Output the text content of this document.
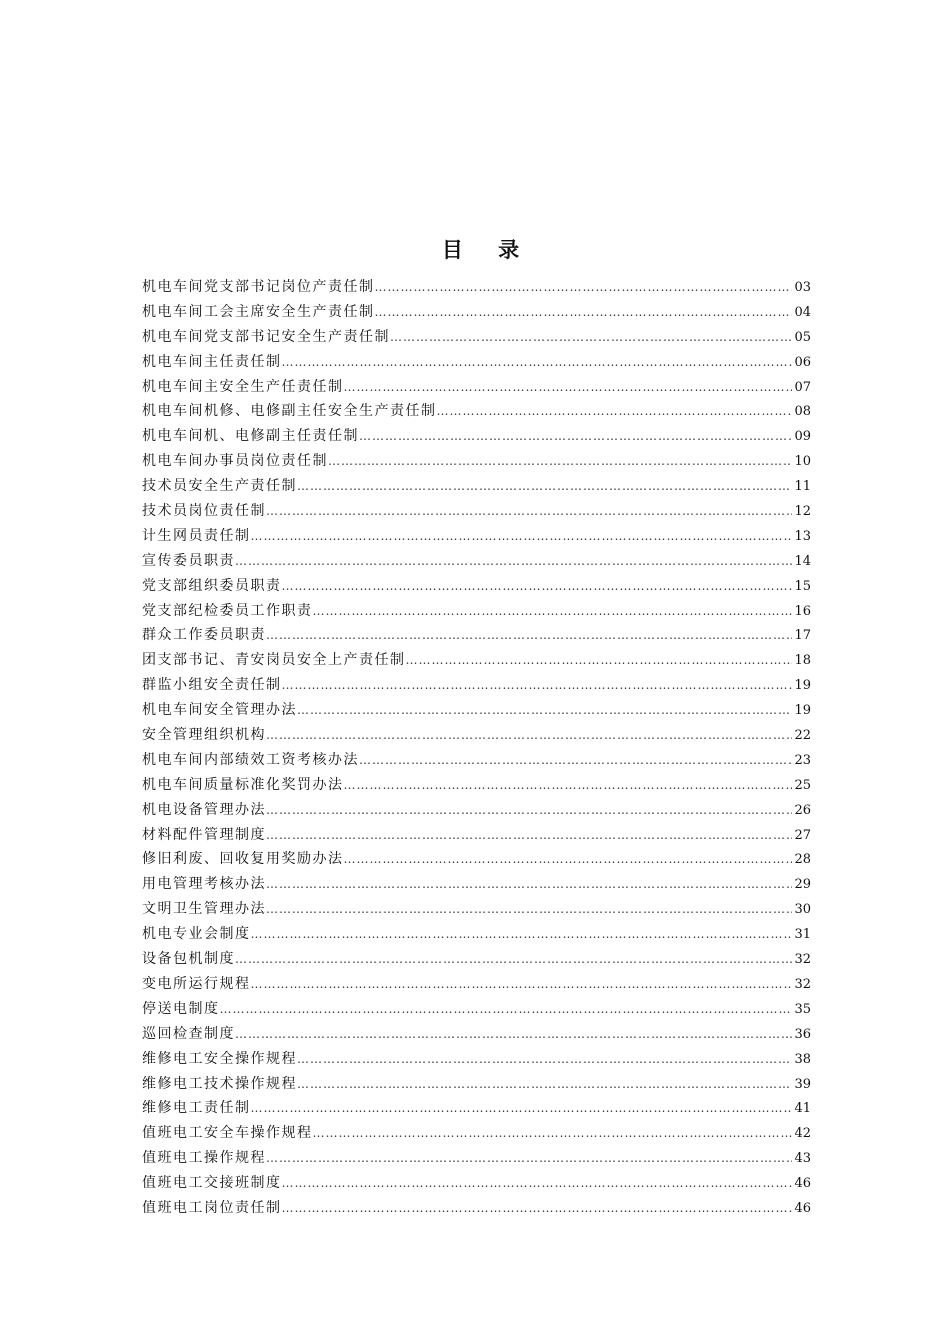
目 录
机电车间党支部书记岗位产责任制 …………………………………………………………………………………………………………………………………………………………………………………………………………………………………………………………………	03
机电车间工会主席安全生产责任制 …………………………………………………………………………………………………………………………………………………………………………………………………………………………………………………………………	04
机电车间党支部书记安全生产责任制 …………………………………………………………………………………………………………………………………………………………………………………………………………………………………………………………………	05
机电车间主任责任制 …………………………………………………………………………………………………………………………………………………………………………………………………………………………………………………………………	06
机电车间主安全生产任责任制 …………………………………………………………………………………………………………………………………………………………………………………………………………………………………………………………………	07
机电车间机修、电修副主任安全生产责任制 …………………………………………………………………………………………………………………………………………………………………………………………………………………………………………………………………	08
机电车间机、电修副主任责任制 …………………………………………………………………………………………………………………………………………………………………………………………………………………………………………………………………	09
机电车间办事员岗位责任制 …………………………………………………………………………………………………………………………………………………………………………………………………………………………………………………………………	10
技术员安全生产责任制 …………………………………………………………………………………………………………………………………………………………………………………………………………………………………………………………………	11
技术员岗位责任制 …………………………………………………………………………………………………………………………………………………………………………………………………………………………………………………………………	12
计生网员责任制 …………………………………………………………………………………………………………………………………………………………………………………………………………………………………………………………………	13
宣传委员职责 …………………………………………………………………………………………………………………………………………………………………………………………………………………………………………………………………	14
党支部组织委员职责 …………………………………………………………………………………………………………………………………………………………………………………………………………………………………………………………………	15
党支部纪检委员工作职责 …………………………………………………………………………………………………………………………………………………………………………………………………………………………………………………………………	16
群众工作委员职责 …………………………………………………………………………………………………………………………………………………………………………………………………………………………………………………………………	17
团支部书记、青安岗员安全上产责任制 …………………………………………………………………………………………………………………………………………………………………………………………………………………………………………………………………	18
群监小组安全责任制 …………………………………………………………………………………………………………………………………………………………………………………………………………………………………………………………………	19
机电车间安全管理办法 …………………………………………………………………………………………………………………………………………………………………………………………………………………………………………………………………	19
安全管理组织机构 …………………………………………………………………………………………………………………………………………………………………………………………………………………………………………………………………	22
机电车间内部绩效工资考核办法 …………………………………………………………………………………………………………………………………………………………………………………………………………………………………………………………………	23
机电车间质量标准化奖罚办法 …………………………………………………………………………………………………………………………………………………………………………………………………………………………………………………………………	25
机电设备管理办法 …………………………………………………………………………………………………………………………………………………………………………………………………………………………………………………………………	26
材料配件管理制度 …………………………………………………………………………………………………………………………………………………………………………………………………………………………………………………………………	27
修旧利废、回收复用奖励办法 …………………………………………………………………………………………………………………………………………………………………………………………………………………………………………………………………	28
用电管理考核办法 …………………………………………………………………………………………………………………………………………………………………………………………………………………………………………………………………	29
文明卫生管理办法 …………………………………………………………………………………………………………………………………………………………………………………………………………………………………………………………………	30
机电专业会制度 …………………………………………………………………………………………………………………………………………………………………………………………………………………………………………………………………	31
设备包机制度 …………………………………………………………………………………………………………………………………………………………………………………………………………………………………………………………………	32
变电所运行规程 …………………………………………………………………………………………………………………………………………………………………………………………………………………………………………………………………	32
停送电制度 …………………………………………………………………………………………………………………………………………………………………………………………………………………………………………………………………	35
巡回检查制度 …………………………………………………………………………………………………………………………………………………………………………………………………………………………………………………………………	36
维修电工安全操作规程 …………………………………………………………………………………………………………………………………………………………………………………………………………………………………………………………………	38
维修电工技术操作规程 …………………………………………………………………………………………………………………………………………………………………………………………………………………………………………………………………	39
维修电工责任制 …………………………………………………………………………………………………………………………………………………………………………………………………………………………………………………………………	41
值班电工安全车操作规程 …………………………………………………………………………………………………………………………………………………………………………………………………………………………………………………………………	42
值班电工操作规程 …………………………………………………………………………………………………………………………………………………………………………………………………………………………………………………………………	43
值班电工交接班制度 …………………………………………………………………………………………………………………………………………………………………………………………………………………………………………………………………	46
值班电工岗位责任制 …………………………………………………………………………………………………………………………………………………………………………………………………………………………………………………………………	46
